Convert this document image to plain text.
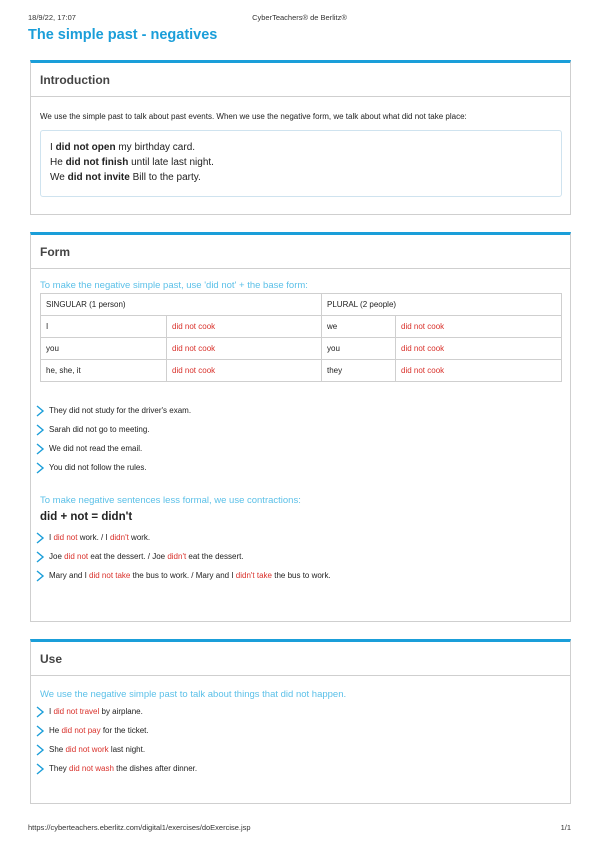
18/9/22, 17:07	CyberTeachers® de Berlitz®
The simple past - negatives
Introduction
We use the simple past to talk about past events. When we use the negative form, we talk about what did not take place:
I did not open my birthday card.
He did not finish until late last night.
We did not invite Bill to the party.
Form
To make the negative simple past, use 'did not' + the base form:
SINGULAR (1 person)		PLURAL (2 people)	
I	did not cook	we	did not cook
you	did not cook	you	did not cook
he, she, it	did not cook	they	did not cook
They did not study for the driver's exam.
Sarah did not go to meeting.
We did not read the email.
You did not follow the rules.
To make negative sentences less formal, we use contractions:
did + not = didn't
I did not work. / I didn't work.
Joe did not eat the dessert. / Joe didn't eat the dessert.
Mary and I did not take the bus to work. / Mary and I didn't take the bus to work.
Use
We use the negative simple past to talk about things that did not happen.
I did not travel by airplane.
He did not pay for the ticket.
She did not work last night.
They did not wash the dishes after dinner.
https://cyberteachers.eberlitz.com/digital1/exercises/doExercise.jsp	1/1
